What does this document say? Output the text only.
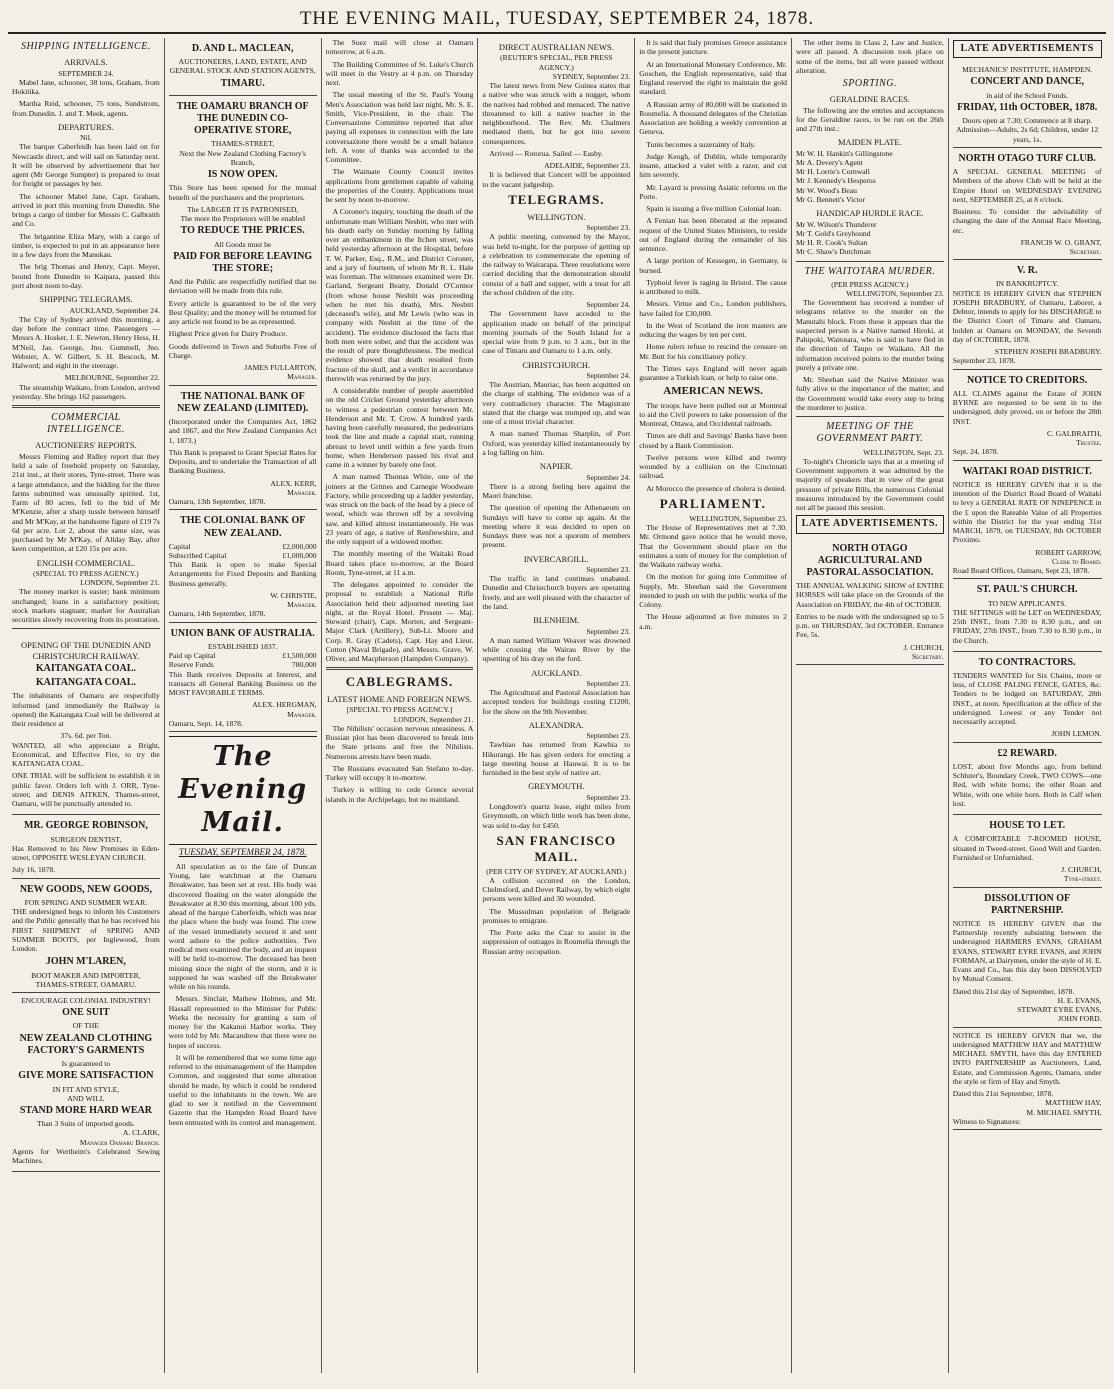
THE EVENING MAIL, TUESDAY, SEPTEMBER 24, 1878.
SHIPPING INTELLIGENCE.
ARRIVALS.
SEPTEMBER 24.

Mabel Jane, schooner, 38 tons, Graham, from Hokitika.

Martha Reid, schooner, 75 tons, Sundstrom, from Dunedin. J. and T. Meek, agents.

DEPARTURES.
Nil.

The barque Caberfeidh has been laid on for Newcastle direct, and will sail on Saturday next. It will be observed by advertisement that her agent (Mr George Sumpter) is prepared to treat for freight or passages by her.

The schooner Mabel Jane, Capt. Graham, arrived in port this morning from Dunedin. She brings a cargo of timber for Messrs C. Galbraith and Co.

The brigantine Eliza Mary, with a cargo of timber, is expected to put in an appearance here in a few days from the Manukau.

The brig Thomas and Henry, Capt. Meyer, bound from Dunedin to Kaipara, passed this port about noon to-day.

SHIPPING TELEGRAMS.
AUCKLAND, September 24.

The City of Sydney arrived this morning, a day before the contract time. Passengers — Messrs A. Hosker, J. E. Newton, Henry Hess, H. M'Neil, Jas. George, Jno. Gummell, Jno. Webster, A. W. Gilbert, S. H. Bescock, M. Halword; and eight in the steerage.

MELBOURNE, September 22.

The steamship Waikato, from London, arrived yesterday. She brings 162 passengers.

COMMERCIAL INTELLIGENCE.
AUCTIONEERS' REPORTS.

Messrs Fleming and Ridley report that they held a sale of freehold property on Saturday, 21st inst., at their stores, Tyne-street. There was a large attendance, and the bidding for the three farms submitted was unusually spirited. 1st, Farm of 80 acres, fell to the bid of Mr M'Kenzie, after a sharp tussle between himself and Mr M'Kay, at the handsome figure of £19 7s 6d per acre. Lot 2, about the same size, was purchased by Mr M'Kay, of Allday Bay, after keen competition, at £20 15s per acre.

ENGLISH COMMERCIAL.
(SPECIAL TO PRESS AGENCY.)
LONDON, September 21.

The money market is easier; bank minimum unchanged; loans in a satisfactory position; stock markets stagnant; market for Australian securities slowly recovering from its prostration.

OPENING OF THE DUNEDIN AND CHRISTCHURCH RAILWAY.
KAITANGATA COAL.
KAITANGATA COAL.

The inhabitants of Oamaru are respectfully informed (and immediately the Railway is opened) the Kaitangata Coal will be delivered at their residence at

37s. 6d. per Ton.

WANTED, all who appreciate a Bright, Economical, and Effective Fire, to try the KAITANGATA COAL.

ONE TRIAL will be sufficient to establish it in public favor. Orders left with J. ORR, Tyne-street; and DENIS AITKEN, Thames-street, Oamaru, will be punctually attended to.

MR. GEORGE ROBINSON,
SURGEON DENTIST,

Has Removed to his New Premises in Eden-street, OPPOSITE WESLEYAN CHURCH.

July 16, 1878.
NEW GOODS, NEW GOODS,
FOR SPRING AND SUMMER WEAR.

THE undersigned begs to inform his Customers and the Public generally that he has received his FIRST SHIPMENT of SPRING AND SUMMER BOOTS, per Inglewood, from London.

JOHN M'LAREN,
BOOT MAKER AND IMPORTER,
THAMES-STREET, OAMARU.
ENCOURAGE COLONIAL INDUSTRY!
ONE SUIT
OF THE
NEW ZEALAND CLOTHING FACTORY'S GARMENTS
Is guaranteed to
GIVE MORE SATISFACTION
IN FIT AND STYLE,
AND WILL
STAND MORE HARD WEAR
Than 3 Suits of imported goods.
A. CLARK,
Manager Oamaru Branch.

Agents for Wertheim's Celebrated Sewing Machines.

D. AND L. MACLEAN,
AUCTIONEERS, LAND, ESTATE, AND GENERAL STOCK AND STATION AGENTS,
TIMARU.
THE OAMARU BRANCH OF THE DUNEDIN CO-OPERATIVE STORE,
THAMES-STREET,
Next the New Zealand Clothing Factory's Branch,
IS NOW OPEN.

This Store has been opened for the mutual benefit of the purchasers and the proprietors.

The LARGER IT IS PATRONISED,
The more the Proprietors will be enabled
TO REDUCE THE PRICES.
All Goods must be
PAID FOR BEFORE LEAVING THE STORE;

And the Public are respectfully notified that no deviation will be made from this rule.

Every article is guaranteed to be of the very Best Quality; and the money will be returned for any article not found to be as represented.

Highest Price given for Dairy Produce.

Goods delivered in Town and Suburbs Free of Charge.

JAMES FULLARTON,
Manager.
THE NATIONAL BANK OF NEW ZEALAND (LIMITED).

(Incorporated under the Companies Act, 1862 and 1867, and the New Zealand Companies Act 1, 1873.)

This Bank is prepared to Grant Special Rates for Deposits, and to undertake the Transaction of all Banking Business.

ALEX. KERR,
Manager.
Oamaru, 13th September, 1878.
THE COLONIAL BANK OF NEW ZEALAND.
Capital	£2,000,000
Subscribed Capital	£1,000,000

This Bank is open to make Special Arrangements for Fixed Deposits and Banking Business generally.

W. CHRISTIE,
Manager.
Oamaru, 14th September, 1878.
UNION BANK OF AUSTRALIA.
ESTABLISHED 1837.
Paid up Capital	£1,500,000
Reserve Funds	780,000

This Bank receives Deposits at Interest, and transacts all General Banking Business on the MOST FAVORABLE TERMS.

ALEX. HERGMAN,
Manager.
Oamaru, Sept. 14, 1878.
The Evening Mail.
TUESDAY, SEPTEMBER 24, 1878.

All speculation as to the fate of Duncan Young, late watchman at the Oamaru Breakwater, has been set at rest. His body was discovered floating on the water alongside the Breakwater at 8.30 this morning, about 100 yds. ahead of the barque Caberfeidh, which was near the place where the body was found. The crew of the vessel immediately secured it and sent word ashore to the police authorities. Two medical men examined the body, and an inquest will be held to-morrow. The deceased has been missing since the night of the storm, and it is supposed he was washed off the Breakwater while on his rounds.

Messrs. Sinclair, Mathew Holmes, and Mr. Hassall represented to the Minister for Public Works the necessity for granting a sum of money for the Kakanui Harbor works. They were told by Mr. Macandrew that there were no hopes of success.

It will be remembered that we some time ago referred to the mismanagement of the Hampden Common, and suggested that some alteration should be made, by which it could be rendered useful to the inhabitants in the town. We are glad to see it notified in the Government Gazette that the Hampden Road Board have been entrusted with its control and management.

The Suez mail will close at Oamaru tomorrow, at 6 a.m.

The Building Committee of St. Luke's Church will meet in the Vestry at 4 p.m. on Thursday next.

The usual meeting of the St. Paul's Young Men's Association was held last night, Mr. S. E. Smith, Vice-President, in the chair. The Conversazione Committee reported that after paying all expenses in connection with the late conversazione there would be a small balance left. A vote of thanks was accorded to the Committee.

The Waimate County Council invites applications from gentlemen capable of valuing the properties of the County. Applications must be sent by noon to-morrow.

A Coroner's inquiry, touching the death of the unfortunate man William Nesbitt, who met with his death early on Sunday morning by falling over an embankment in the Itchen street, was held yesterday afternoon at the Hospital, before T. W. Parker, Esq., R.M., and District Coroner, and a jury of fourteen, of whom Mr R. L. Hale was foreman. The witnesses examined were Dr. Garland, Sergeant Beatty, Donald O'Connor (from whose house Nesbitt was proceeding when he met his death), Mrs. Nesbitt (deceased's wife), and Mr Lewis (who was in company with Nesbitt at the time of the accident). The evidence disclosed the facts that both men were sober, and that the accident was the result of pure thoughtlessness. The medical evidence showed that death resulted from fracture of the skull, and a verdict in accordance therewith was returned by the jury.

A considerable number of people assembled on the old Cricket Ground yesterday afternoon to witness a pedestrian contest between Mr. Henderson and Mr. T. Crow. A hundred yards having been carefully measured, the pedestrians took the line and made a capital start, running abreast to level until within a few yards from home, when Henderson passed his rival and came in a winner by barely one foot.

A man named Thomas White, one of the joiners at the Grimes and Carnegie Woodware Factory, while proceeding up a ladder yesterday, was struck on the back of the head by a piece of wood, which was thrown off by a revolving saw, and killed almost instantaneously. He was 23 years of age, a native of Renfrewshire, and the only support of a widowed mother.

The monthly meeting of the Waitaki Road Board takes place to-morrow, at the Board Room, Tyne-street, at 11 a.m.

The delegates appointed to consider the proposal to establish a National Rifle Association held their adjourned meeting last night, at the Royal Hotel. Present — Maj. Steward (chair), Capt. Morten, and Sergeant-Major Clark (Artillery), Sub-Lt. Moore and Corp. R. Gray (Cadets), Capt. Hay and Lieut. Cotton (Naval Brigade), and Messrs. Grave, W. Oliver, and Macpherson (Hampden Company).

CABLEGRAMS.
LATEST HOME AND FOREIGN NEWS.
[SPECIAL TO PRESS AGENCY.]
LONDON, September 21.

The Nihilists' occasion nervous uneasiness. A Russian plot has been discovered to break into the State prisons and free the Nihilists. Numerous arrests have been made.

The Russians evacuated San Stefano to-day. Turkey will occupy it to-morrow.

Turkey is willing to cede Greece several islands in the Archipelago, but no mainland.

DIRECT AUSTRALIAN NEWS.
(REUTER'S SPECIAL, PER PRESS AGENCY.)
SYDNEY, September 23.

The latest news from New Guinea states that a native who was struck with a nugget, whom the natives had robbed and menaced. The native threatened to kill a native teacher in the neighbourhood. The Rev. Mr. Chalmers mediated them, but he got into severe consequences.

Arrived — Rotorua. Sailed — Easby.

ADELAIDE, September 23.

It is believed that Concert will be appointed to the vacant judgeship.

TELEGRAMS.
WELLINGTON.
September 23.

A public meeting, convened by the Mayor, was held to-night, for the purpose of getting up a celebration to commemorate the opening of the railway to Wairarapa. Three resolutions were carried deciding that the demonstration should consist of a ball and supper, with a treat for all the school children of the city.

September 24.

The Government have acceded to the application made on behalf of the principal morning journals of the South Island for a special wire from 9 p.m. to 3 a.m., but in the case of Timaru and Oamaru to 1 a.m. only.

CHRISTCHURCH.
September 24.

The Austrian, Mauriac, has been acquitted on the charge of stabbing. The evidence was of a very contradictory character. The Magistrate stated that the charge was trumped up, and was one of a most trivial character.

A man named Thomas Sharplin, of Port Oxford, was yesterday killed instantaneously by a log falling on him.

NAPIER.
September 24.

There is a strong feeling here against the Maori franchise.

The question of opening the Athenaeum on Sundays will have to come up again. At the meeting where it was decided to open on Sundays there was not a quorum of members present.

INVERCARGILL.
September 23.

The traffic in land continues unabated. Dunedin and Christchurch buyers are operating freely, and are well pleased with the character of the land.

BLENHEIM.
September 23.

A man named William Weaver was drowned while crossing the Wairau River by the upsetting of his dray on the ford.

AUCKLAND.
September 23.

The Agricultural and Pastoral Association has accepted tenders for buildings costing £1200, for the show on the 9th November.

ALEXANDRA.
September 23.

Tawhiao has returned from Kawhia to Hikurangi. He has given orders for erecting a large meeting house at Hauwai. It is to be furnished in the best style of native art.

GREYMOUTH.
September 23.

Longdown's quartz lease, eight miles from Greymouth, on which little work has been done, was sold to-day for £450.

SAN FRANCISCO MAIL.
(PER CITY OF SYDNEY, AT AUCKLAND.)

A collision occurred on the London, Chelmsford, and Dover Railway, by which eight persons were killed and 30 wounded.

The Mussulman population of Belgrade promises to emigrate.

The Porte asks the Czar to assist in the suppression of outrages in Roumelia through the Russian army occupation.

It is said that Italy promises Greece assistance in the present juncture.

At an International Monetary Conference, Mr. Goschen, the English representative, said that England reserved the right to maintain the gold standard.

A Russian army of 80,000 will be stationed in Roumelia. A thousand delegates of the Christian Association are holding a weekly convention at Geneva.

Tunis becomes a suzerainty of Italy.

Judge Keogh, of Dublin, while temporarily insane, attacked a valet with a razor, and cut him severely.

Mr. Layard is pressing Asiatic reforms on the Porte.

Spain is issuing a five million Colonial loan.

A Fenian has been liberated at the repeated request of the United States Ministers, to reside out of England during the remainder of his sentence.

A large portion of Kessegen, in Germany, is burned.

Typhoid fever is raging in Bristol. The cause is attributed to milk.

Messrs. Virtue and Co., London publishers, have failed for £30,000.

In the West of Scotland the iron masters are reducing the wages by ten per cent.

Home rulers refuse to rescind the censure on Mr. Butt for his conciliatory policy.

The Times says England will never again guarantee a Turkish loan, or help to raise one.

AMERICAN NEWS.

The troops have been pulled out at Montreal to aid the Civil powers to take possession of the Montreal, Ottawa, and Occidental railroads.

Times are dull and Savings' Banks have been closed by a Bank Commission.

Twelve persons were killed and twenty wounded by a collision on the Cincinnati railroad.

At Morocco the presence of cholera is denied.

PARLIAMENT.
WELLINGTON, September 23.

The House of Representatives met at 7.30. Mr. Ormond gave notice that he would move, That the Government should place on the estimates a sum of money for the completion of the Waikato railway works.

On the motion for going into Committee of Supply, Mr. Sheehan said the Government intended to push on with the public works of the Colony.

The House adjourned at five minutes to 2 a.m.

The other items in Class 2, Law and Justice, were all passed. A discussion took place on some of the items, but all were passed without alteration.

SPORTING.
GERALDINE RACES.

The following are the entries and acceptances for the Geraldine races, to be run on the 26th and 27th inst.:

MAIDEN PLATE.
Mr W. H. Hankin's Gillingstone
Mr A. Devery's Agent
Mr H. Lorrie's Cornwall
Mr J. Kennedy's Hesperus
Mr W. Wood's Beau
Mr G. Bennett's Victor
HANDICAP HURDLE RACE.
Mr W. Wilson's Thunderer
Mr T. Gold's Greyhound
Mr H. R. Cook's Sultan
Mr C. Shaw's Dutchman
THE WAITOTARA MURDER.
(PER PRESS AGENCY.)
WELLINGTON, September 23.

The Government has received a number of telegrams relative to the murder on the Manutahi block. From these it appears that the suspected person is a Native named Hiroki, at Pahipoki, Waitotara, who is said to have fled in the direction of Taupo or Waikato. All the information received points to the murder being purely a private one.

Mr. Sheehan said the Native Minister was fully alive to the importance of the matter, and the Government would take every step to bring the murderer to justice.

MEETING OF THE GOVERNMENT PARTY.
WELLINGTON, Sept. 23.

To-night's Chronicle says that at a meeting of Government supporters it was admitted by the majority of speakers that in view of the great pressure of private Bills, the numerous Colonial measures introduced by the Government could not all be passed this session.

LATE ADVERTISEMENTS.
NORTH OTAGO AGRICULTURAL AND PASTORAL ASSOCIATION.

THE ANNUAL WALKING SHOW of ENTIRE HORSES will take place on the Grounds of the Association on FRIDAY, the 4th of OCTOBER.

Entries to be made with the undersigned up to 5 p.m. on THURSDAY, 3rd OCTOBER. Entrance Fee, 5s.

J. CHURCH,
Secretary.
LATE ADVERTISEMENTS
MECHANICS' INSTITUTE, HAMPDEN.
CONCERT AND DANCE,
in aid of the School Funds.
FRIDAY, 11th OCTOBER, 1878.
Doors open at 7.30; Commence at 8 sharp.
Admission—Adults, 2s 6d; Children, under 12 years, 1s.
NORTH OTAGO TURF CLUB.

A SPECIAL GENERAL MEETING of Members of the above Club will be held at the Empire Hotel on WEDNESDAY EVENING next, SEPTEMBER 25, at 8 o'clock.

Business: To consider the advisability of changing the date of the Annual Race Meeting, etc.

FRANCIS W. O. GRANT,
Secretary.
V. R.
IN BANKRUPTCY.

NOTICE IS HEREBY GIVEN that STEPHEN JOSEPH BRADBURY, of Oamaru, Laborer, a Debtor, intends to apply for his DISCHARGE to the District Court of Timaru and Oamaru, holden at Oamaru on MONDAY, the Seventh day of OCTOBER, 1878.

STEPHEN JOSEPH BRADBURY.
September 23, 1878.
NOTICE TO CREDITORS.

ALL CLAIMS against the Estate of JOHN BYRNE are requested to be sent in to the undersigned, duly proved, on or before the 28th INST.

C. GALBRAITH,
Trustee.
Sept. 24, 1878.
WAITAKI ROAD DISTRICT.

NOTICE IS HEREBY GIVEN that it is the intention of the District Road Board of Waitaki to levy a GENERAL RATE OF NINEPENCE in the £ upon the Rateable Value of all Properties within the District for the year ending 31st MARCH, 1879, on TUESDAY, 8th OCTOBER Proximo.

ROBERT GARROW,
Clerk to Board.
Road Board Offices, Oamaru, Sept 23, 1878.
ST. PAUL'S CHURCH.
TO NEW APPLICANTS.

THE SITTINGS will be LET on WEDNESDAY, 25th INST., from 7.30 to 8.30 p.m., and on FRIDAY, 27th INST., from 7.30 to 8.30 p.m., in the Church.

TO CONTRACTORS.

TENDERS WANTED for Six Chains, more or less, of CLOSE PALING FENCE, GATES, &c. Tenders to be lodged on SATURDAY, 28th INST., at noon. Specification at the office of the undersigned. Lowest or any Tender not necessarily accepted.

JOHN LEMON.
£2 REWARD.

LOST, about five Months ago, from behind Schluter's, Boundary Creek, TWO COWS—one Red, with white horns; the other Roan and White, with one white horn. Both in Calf when lost.

HOUSE TO LET.

A COMFORTABLE 7-ROOMED HOUSE, situated in Tweed-street. Good Well and Garden. Furnished or Unfurnished.

J. CHURCH,
Tyne-street.
DISSOLUTION OF PARTNERSHIP.

NOTICE IS HEREBY GIVEN that the Partnership recently subsisting between the undersigned HARMERS EVANS, GRAHAM EVANS, STEWART EYRE EVANS, and JOHN FORMAN, at Dairymen, under the style of H. E. Evans and Co., has this day been DISSOLVED by Mutual Consent.

Dated this 21st day of September, 1878.
H. E. EVANS,
STEWART EYRE EVANS,
JOHN FORD.

NOTICE IS HEREBY GIVEN that we, the undersigned MATTHEW HAY and MATTHEW MICHAEL SMYTH, have this day ENTERED INTO PARTNERSHIP as Auctioneers, Land, Estate, and Commission Agents, Oamaru, under the style or firm of Hay and Smyth.

Dated this 21st September, 1878.
MATTHEW HAY,
M. MICHAEL SMYTH,
Witness to Signatures:
